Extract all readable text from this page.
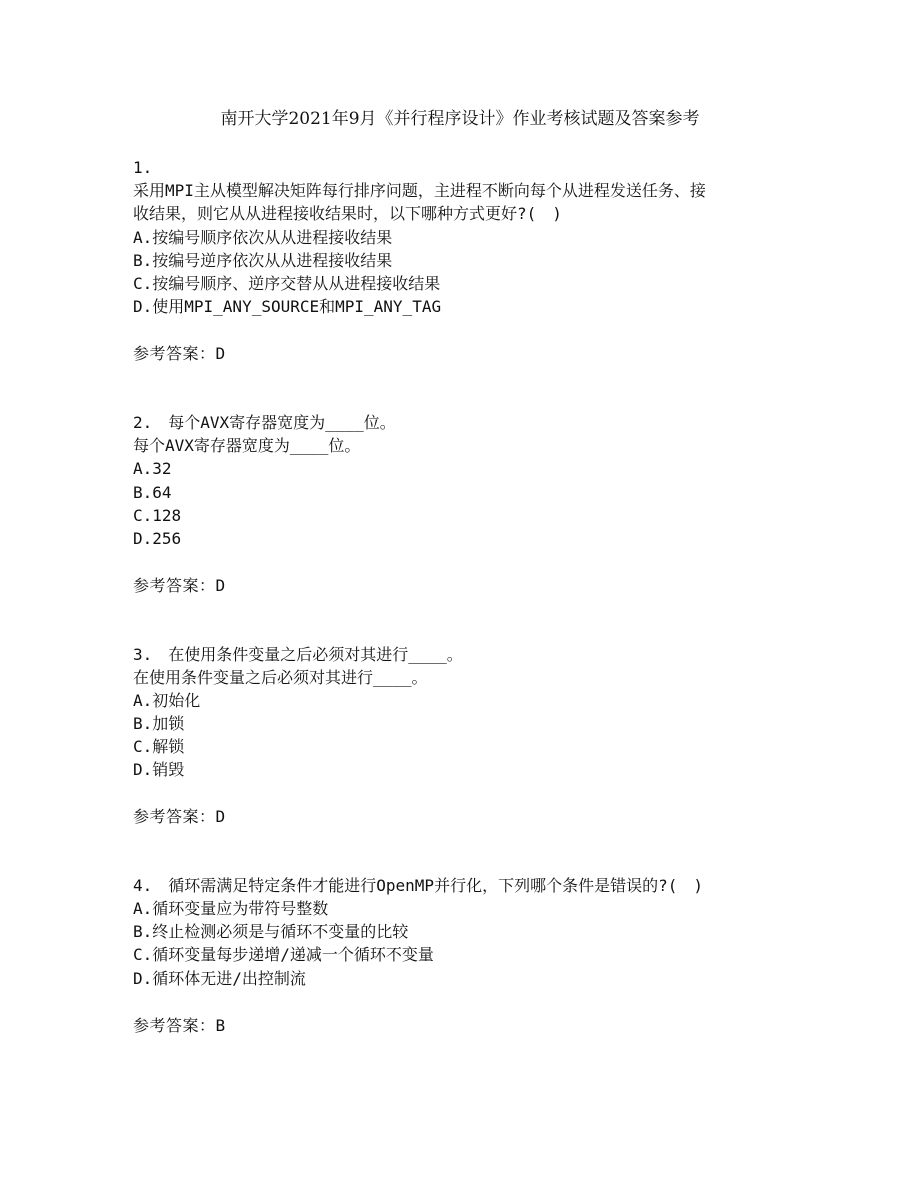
南开大学2021年9月《并行程序设计》作业考核试题及答案参考

1.

采用MPI主从模型解决矩阵每行排序问题，主进程不断向每个从进程发送任务、接

收结果，则它从从进程接收结果时，以下哪种方式更好?(　)

A.按编号顺序依次从从进程接收结果

B.按编号逆序依次从从进程接收结果

C.按编号顺序、逆序交替从从进程接收结果

D.使用MPI_ANY_SOURCE和MPI_ANY_TAG

参考答案：D

2.　每个AVX寄存器宽度为____位。

每个AVX寄存器宽度为____位。

A.32

B.64

C.128

D.256

参考答案：D

3.　在使用条件变量之后必须对其进行____。

在使用条件变量之后必须对其进行____。

A.初始化

B.加锁

C.解锁

D.销毁

参考答案：D

4.　循环需满足特定条件才能进行OpenMP并行化，下列哪个条件是错误的?(　)

A.循环变量应为带符号整数

B.终止检测必须是与循环不变量的比较

C.循环变量每步递增/递减一个循环不变量

D.循环体无进/出控制流

参考答案：B
